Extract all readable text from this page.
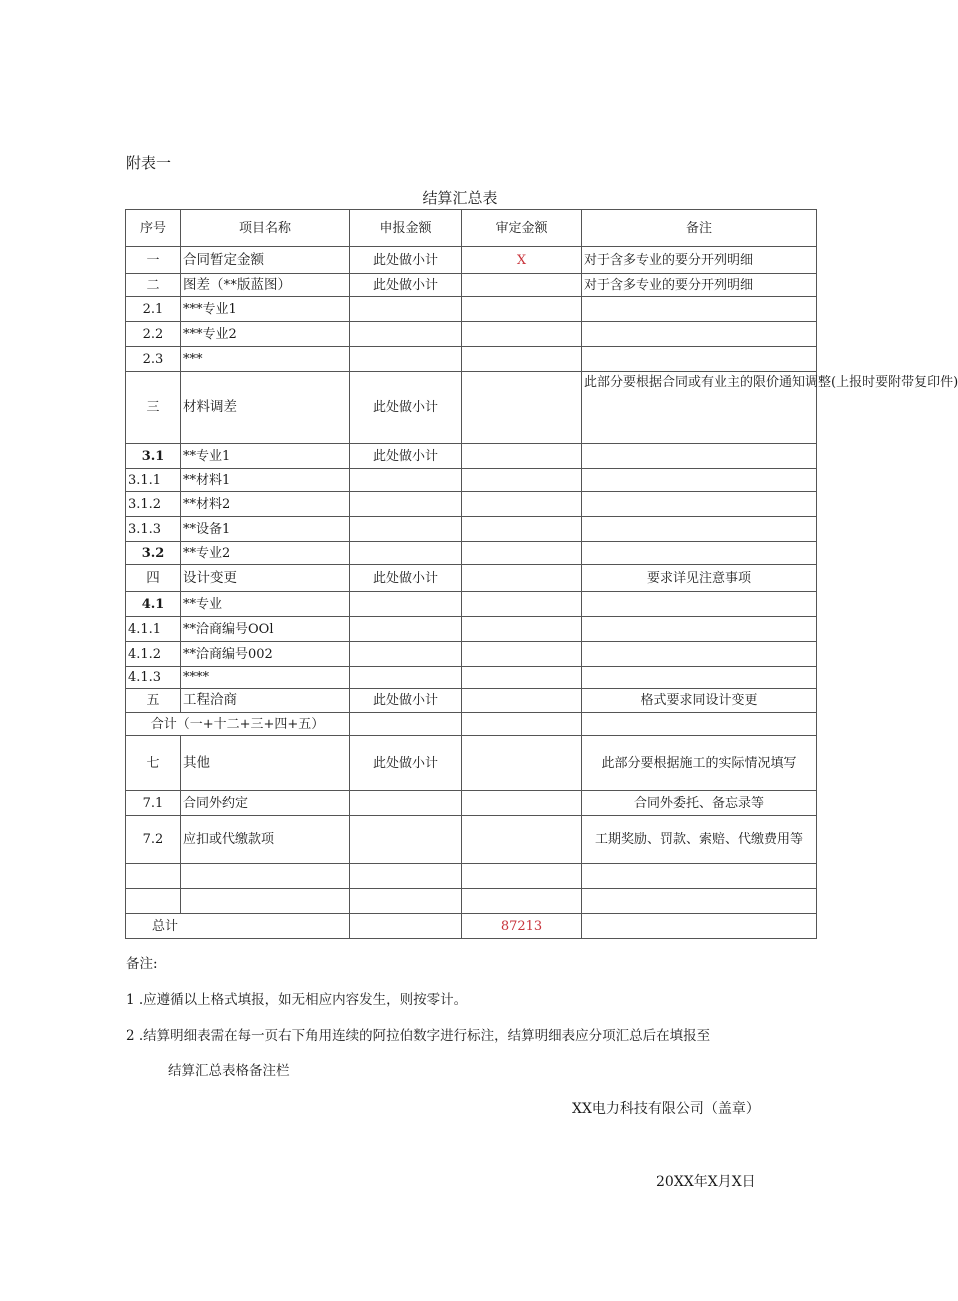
附表一
结算汇总表
序号	项目名称	申报金额	审定金额	备注
一	合同暂定金额	此处做小计	X	对于含多专业的要分开列明细
二	图差（**版蓝图）	此处做小计		对于含多专业的要分开列明细
2.1	***专业1			
2.2	***专业2			
2.3	***			
三	材料调差	此处做小计		此部分要根据合同或有业主的限价通知调整(上报时要附带复印件)
3.1	**专业1	此处做小计		
3.1.1	**材料1			
3.1.2	**材料2			
3.1.3	**设备1			
3.2	**专业2			
四	设计变更	此处做小计		要求详见注意事项
4.1	**专业			
4.1.1	**洽商编号OOl			
4.1.2	**洽商编号002			
4.1.3	****			
五	工程洽商	此处做小计		格式要求同设计变更
合计（一+十二+三+四+五）				
七	其他	此处做小计		此部分要根据施工的实际情况填写
7.1	合同外约定			合同外委托、备忘录等
7.2	应扣或代缴款项			工期奖励、罚款、索赔、代缴费用等

总计			87213	
备注:
1 .应遵循以上格式填报，如无相应内容发生，则按零计。
2 .结算明细表需在每一页右下角用连续的阿拉伯数字进行标注，结算明细表应分项汇总后在填报至
结算汇总表格备注栏
XX电力科技有限公司（盖章）
20XX年X月X日
